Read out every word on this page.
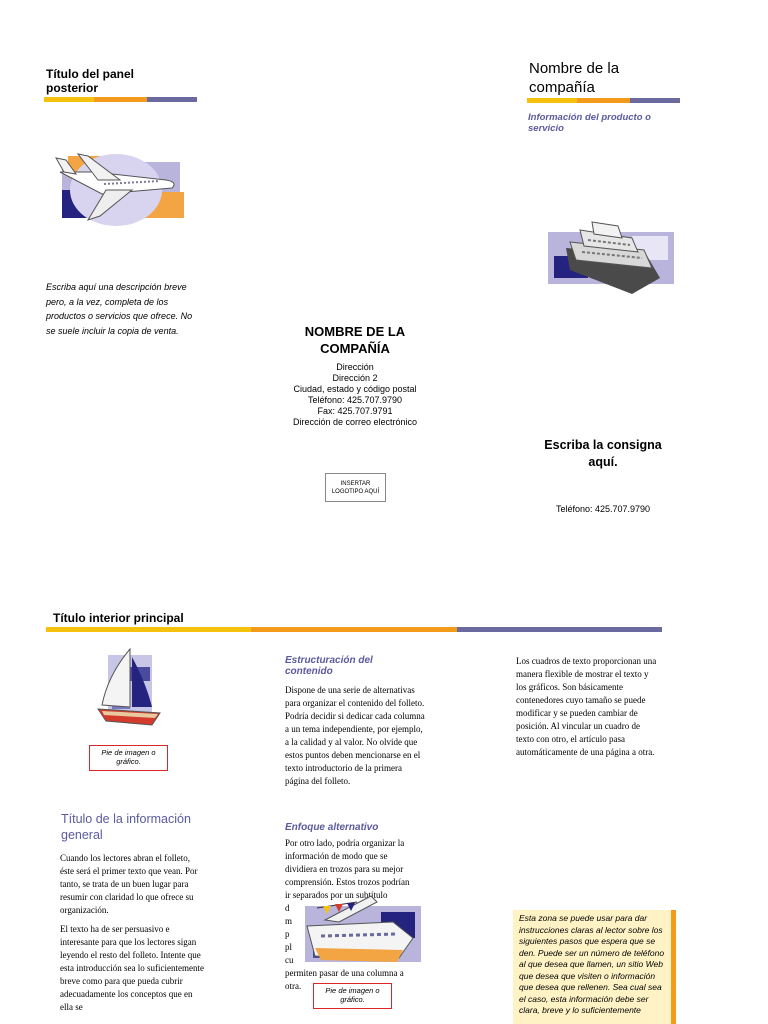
Título del panel posterior
Escriba aquí una descripción breve pero, a la vez, completa de los productos o servicios que ofrece. No se suele incluir la copia de venta.	NOMBRE DE LA COMPAÑÍA
Dirección
Dirección 2
Ciudad, estado y código postal
Teléfono: 425.707.9790
Fax: 425.707.9791
Dirección de correo electrónico
INSERTAR LOGOTIPO AQUÍ
Nombre de la compañía
Información del producto o servicio
Escriba la consigna aquí.
Teléfono: 425.707.9790
Título interior principal
Pie de imagen o gráfico.
Título de la información general

Cuando los lectores abran el folleto, éste será el primer texto que vean. Por tanto, se trata de un buen lugar para resumir con claridad lo que ofrece su organización.

El texto ha de ser persuasivo e interesante para que los lectores sigan leyendo el resto del folleto. Intente que esta introducción sea lo suficientemente breve como para que pueda cubrir adecuadamente los conceptos que en ella se

Estructuración del contenido
Dispone de una serie de alternativas para organizar el contenido del folleto. Podría decidir si dedicar cada columna a un tema independiente, por ejemplo, a la calidad y al valor. No olvide que estos puntos deben mencionarse en el texto introductorio de la primera página del folleto.
Enfoque alternativo
Por otro lado, podría organizar la
información de modo que se
dividiera en trozos para su mejor
comprensión. Estos trozos podrían
ir separados por un subtítulo
d
m
p
pl
cu
permiten pasar de una columna a
otra.	Pie de imagen o gráfico.
Los cuadros de texto proporcionan una manera flexible de mostrar el texto y los gráficos. Son básicamente contenedores cuyo tamaño se puede modificar y se pueden cambiar de posición. Al vincular un cuadro de texto con otro, el artículo pasa automáticamente de una página a otra.
Esta zona se puede usar para dar instrucciones claras al lector sobre los siguientes pasos que espera que se den. Puede ser un número de teléfono al que desea que llamen, un sitio Web que desea que visiten o información que desea que rellenen. Sea cual sea el caso, esta información debe ser clara, breve y lo suficientemente
